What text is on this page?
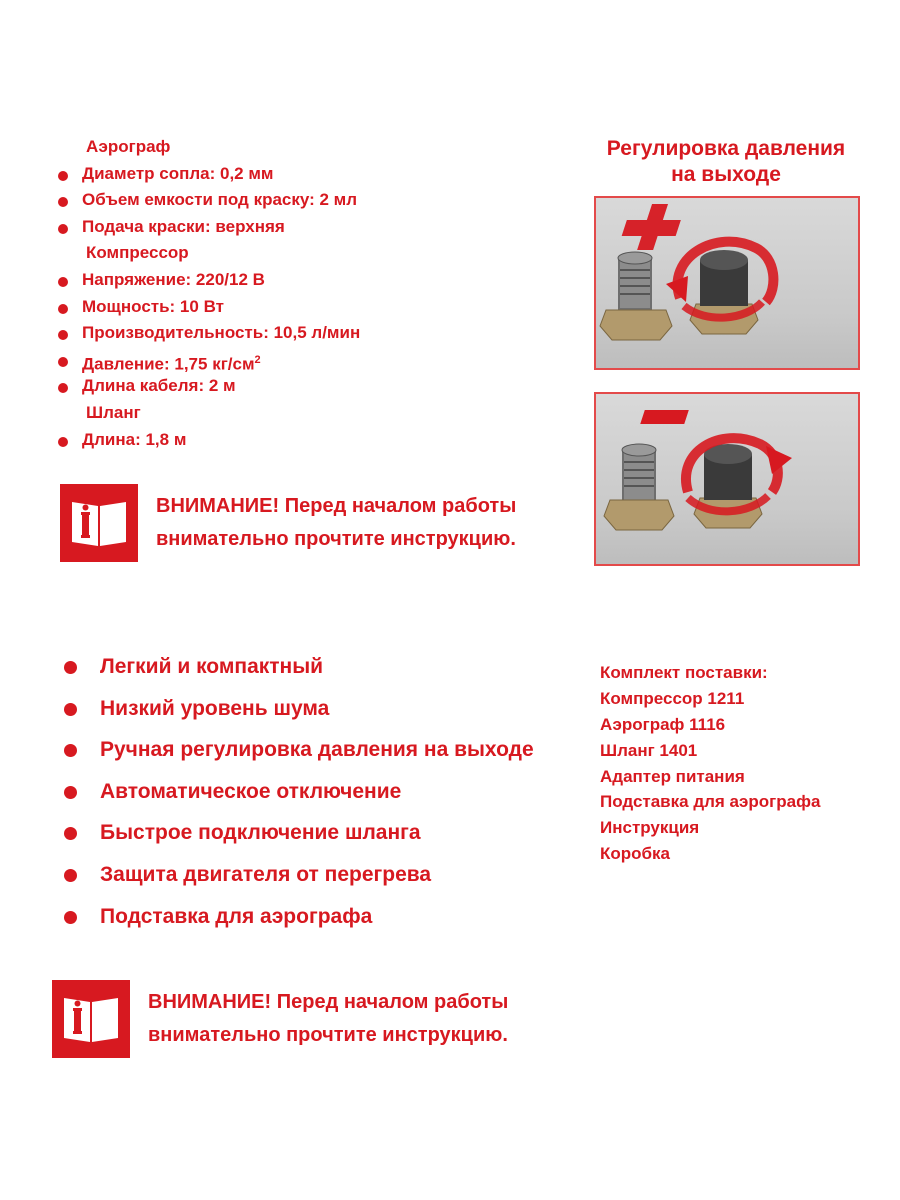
Аэрограф
Диаметр сопла: 0,2 мм
Объем емкости под краску: 2 мл
Подача краски: верхняя
Компрессор
Напряжение: 220/12 В
Мощность: 10 Вт
Производительность: 10,5 л/мин
Давление: 1,75 $кг/см^2$
Длина кабеля: 2 м
Шланг
Длина: 1,8 м
Регулировка давления
на выходе
ВНИМАНИЕ! Перед началом работы
внимательно прочтите инструкцию.
Легкий и компактный
Низкий уровень шума
Ручная регулировка давления на выходе
Автоматическое отключение
Быстрое подключение шланга
Защита двигателя от перегрева
Подставка для аэрографа
Комплект поставки:
Компрессор 1211
Аэрограф 1116
Шланг 1401
Адаптер питания
Подставка для аэрографа
Инструкция
Коробка
ВНИМАНИЕ! Перед началом работы
внимательно прочтите инструкцию.
